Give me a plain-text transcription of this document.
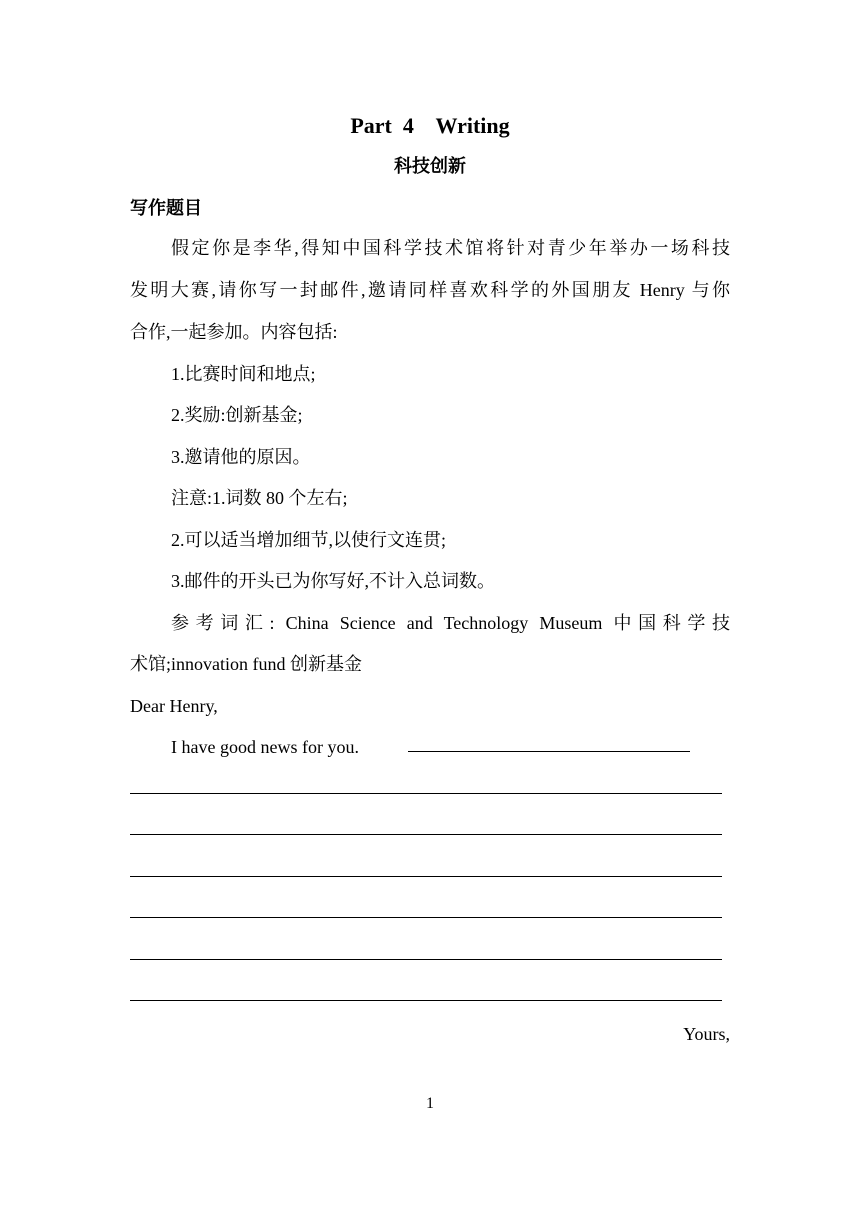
Part  4    Writing
科技创新
写作题目
假定你是李华,得知中国科学技术馆将针对青少年举办一场科技
发明大赛,请你写一封邮件,邀请同样喜欢科学的外国朋友 Henry 与你
合作,一起参加。内容包括:
1.比赛时间和地点;
2.奖励:创新基金;
3.邀请他的原因。
注意:1.词数 80 个左右;
2.可以适当增加细节,以使行文连贯;
3.邮件的开头已为你写好,不计入总词数。
参考词汇: China Science and Technology Museum 中国科学技
术馆;innovation fund 创新基金
Dear Henry,
I have good news for you.
Yours,
1
